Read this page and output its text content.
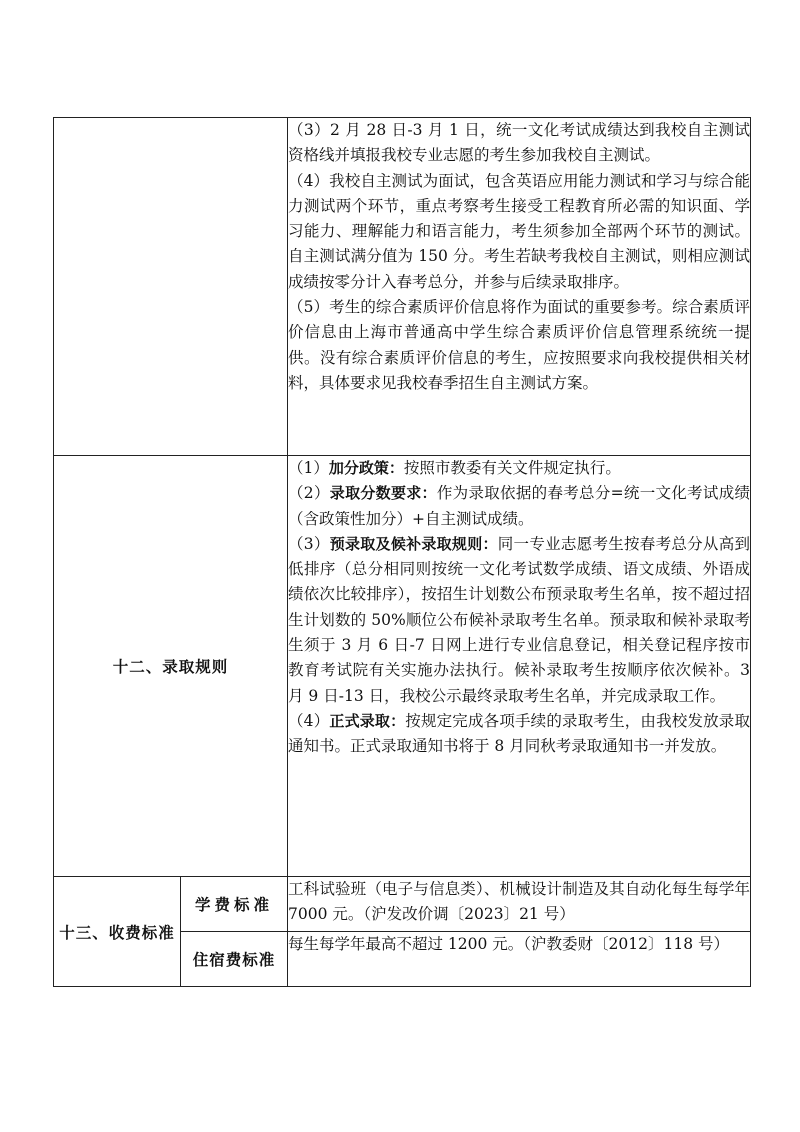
		（3）2 月 28 日-3 月 1 日，统一文化考试成绩达到我校自主测试资格线并填报我校专业志愿的考生参加我校自主测试。

（4）我校自主测试为面试，包含英语应用能力测试和学习与综合能力测试两个环节，重点考察考生接受工程教育所必需的知识面、学习能力、理解能力和语言能力，考生须参加全部两个环节的测试。自主测试满分值为 150 分。考生若缺考我校自主测试，则相应测试成绩按零分计入春考总分，并参与后续录取排序。

（5）考生的综合素质评价信息将作为面试的重要参考。综合素质评价信息由上海市普通高中学生综合素质评价信息管理系统统一提供。没有综合素质评价信息的考生，应按照要求向我校提供相关材料，具体要求见我校春季招生自主测试方案。

十二、录取规则		（1）加分政策：按照市教委有关文件规定执行。

（2）录取分数要求：作为录取依据的春考总分=统一文化考试成绩（含政策性加分）+自主测试成绩。

（3）预录取及候补录取规则：同一专业志愿考生按春考总分从高到低排序（总分相同则按统一文化考试数学成绩、语文成绩、外语成绩依次比较排序），按招生计划数公布预录取考生名单，按不超过招生计划数的 50%顺位公布候补录取考生名单。预录取和候补录取考生须于 3 月 6 日-7 日网上进行专业信息登记，相关登记程序按市教育考试院有关实施办法执行。候补录取考生按顺序依次候补。3 月 9 日-13 日，我校公示最终录取考生名单，并完成录取工作。

（4）正式录取：按规定完成各项手续的录取考生，由我校发放录取通知书。正式录取通知书将于 8 月同秋考录取通知书一并发放。

十三、收费标准	学费标准	工科试验班（电子与信息类）、机械设计制造及其自动化每生每学年 7000 元。（沪发改价调〔2023〕21 号）

	住宿费标准	每生每学年最高不超过 1200 元。（沪教委财〔2012〕118 号）
